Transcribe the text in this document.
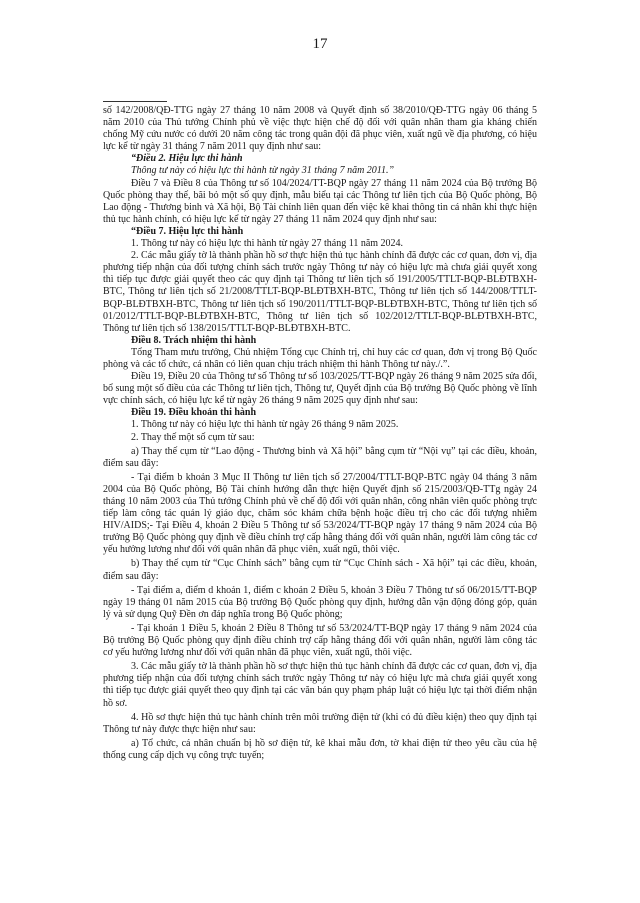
17

số 142/2008/QĐ-TTG ngày 27 tháng 10 năm 2008 và Quyết định số 38/2010/QĐ-TTG ngày 06 tháng 5 năm 2010 của Thủ tướng Chính phủ về việc thực hiện chế độ đối với quân nhân tham gia kháng chiến chống Mỹ cứu nước có dưới 20 năm công tác trong quân đội đã phục viên, xuất ngũ về địa phương, có hiệu lực kể từ ngày 31 tháng 7 năm 2011 quy định như sau:

“Điều 2. Hiệu lực thi hành

Thông tư này có hiệu lực thi hành từ ngày 31 tháng 7 năm 2011.”

Điều 7 và Điều 8 của Thông tư số 104/2024/TT-BQP ngày 27 tháng 11 năm 2024 của Bộ trưởng Bộ Quốc phòng thay thế, bãi bỏ một số quy định, mẫu biểu tại các Thông tư liên tịch của Bộ Quốc phòng, Bộ Lao động - Thương binh và Xã hội, Bộ Tài chính liên quan đến việc kê khai thông tin cá nhân khi thực hiện thủ tục hành chính, có hiệu lực kể từ ngày 27 tháng 11 năm 2024 quy định như sau:

“Điều 7. Hiệu lực thi hành

1. Thông tư này có hiệu lực thi hành từ ngày 27 tháng 11 năm 2024.

2. Các mẫu giấy tờ là thành phần hồ sơ thực hiện thủ tục hành chính đã được các cơ quan, đơn vị, địa phương tiếp nhận của đối tượng chính sách trước ngày Thông tư này có hiệu lực mà chưa giải quyết xong thì tiếp tục được giải quyết theo các quy định tại Thông tư liên tịch số 191/2005/TTLT-BQP-BLĐTBXH-BTC, Thông tư liên tịch số 21/2008/TTLT-BQP-BLĐTBXH-BTC, Thông tư liên tịch số 144/2008/TTLT-BQP-BLĐTBXH-BTC, Thông tư liên tịch số 190/2011/TTLT-BQP-BLĐTBXH-BTC, Thông tư liên tịch số 01/2012/TTLT-BQP-BLĐTBXH-BTC, Thông tư liên tịch số 102/2012/TTLT-BQP-BLĐTBXH-BTC, Thông tư liên tịch số 138/2015/TTLT-BQP-BLĐTBXH-BTC.

Điều 8. Trách nhiệm thi hành

Tổng Tham mưu trưởng, Chủ nhiệm Tổng cục Chính trị, chỉ huy các cơ quan, đơn vị trong Bộ Quốc phòng và các tổ chức, cá nhân có liên quan chịu trách nhiệm thi hành Thông tư này./.”.

Điều 19, Điều 20 của Thông tư số Thông tư số 103/2025/TT-BQP ngày 26 tháng 9 năm 2025 sửa đổi, bổ sung một số điều của các Thông tư liên tịch, Thông tư, Quyết định của Bộ trưởng Bộ Quốc phòng về lĩnh vực chính sách, có hiệu lực kể từ ngày 26 tháng 9 năm 2025 quy định như sau:

Điều 19. Điều khoản thi hành

1. Thông tư này có hiệu lực thi hành từ ngày 26 tháng 9 năm 2025.

2. Thay thế một số cụm từ sau:

a) Thay thế cụm từ “Lao động - Thương binh và Xã hội” bằng cụm từ “Nội vụ” tại các điều, khoản, điểm sau đây:

- Tại điểm b khoản 3 Mục II Thông tư liên tịch số 27/2004/TTLT-BQP-BTC ngày 04 tháng 3 năm 2004 của Bộ Quốc phòng, Bộ Tài chính hướng dẫn thực hiện Quyết định số 215/2003/QĐ-TTg ngày 24 tháng 10 năm 2003 của Thủ tướng Chính phủ về chế độ đối với quân nhân, công nhân viên quốc phòng trực tiếp làm công tác quản lý giáo dục, chăm sóc khám chữa bệnh hoặc điều trị cho các đối tượng nhiễm HIV/AIDS;- Tại Điều 4, khoản 2 Điều 5 Thông tư số 53/2024/TT-BQP ngày 17 tháng 9 năm 2024 của Bộ trưởng Bộ Quốc phòng quy định về điều chỉnh trợ cấp hằng tháng đối với quân nhân, người làm công tác cơ yếu hưởng lương như đối với quân nhân đã phục viên, xuất ngũ, thôi việc.

b) Thay thế cụm từ “Cục Chính sách” bằng cụm từ “Cục Chính sách - Xã hội” tại các điều, khoản, điểm sau đây:

- Tại điểm a, điểm d khoản 1, điểm c khoản 2 Điều 5, khoản 3 Điều 7 Thông tư số 06/2015/TT-BQP ngày 19 tháng 01 năm 2015 của Bộ trưởng Bộ Quốc phòng quy định, hướng dẫn vận động đóng góp, quản lý và sử dụng Quỹ Đền ơn đáp nghĩa trong Bộ Quốc phòng;

- Tại khoản 1 Điều 5, khoản 2 Điều 8 Thông tư số 53/2024/TT-BQP ngày 17 tháng 9 năm 2024 của Bộ trưởng Bộ Quốc phòng quy định điều chỉnh trợ cấp hằng tháng đối với quân nhân, người làm công tác cơ yếu hưởng lương như đối với quân nhân đã phục viên, xuất ngũ, thôi việc.

3. Các mẫu giấy tờ là thành phần hồ sơ thực hiện thủ tục hành chính đã được các cơ quan, đơn vị, địa phương tiếp nhận của đối tượng chính sách trước ngày Thông tư này có hiệu lực mà chưa giải quyết xong thì tiếp tục được giải quyết theo quy định tại các văn bản quy phạm pháp luật có hiệu lực tại thời điểm nhận hồ sơ.

4. Hồ sơ thực hiện thủ tục hành chính trên môi trường điện tử (khi có đủ điều kiện) theo quy định tại Thông tư này được thực hiện như sau:

a) Tổ chức, cá nhân chuẩn bị hồ sơ điện tử, kê khai mẫu đơn, tờ khai điện tử theo yêu cầu của hệ thống cung cấp dịch vụ công trực tuyến;
